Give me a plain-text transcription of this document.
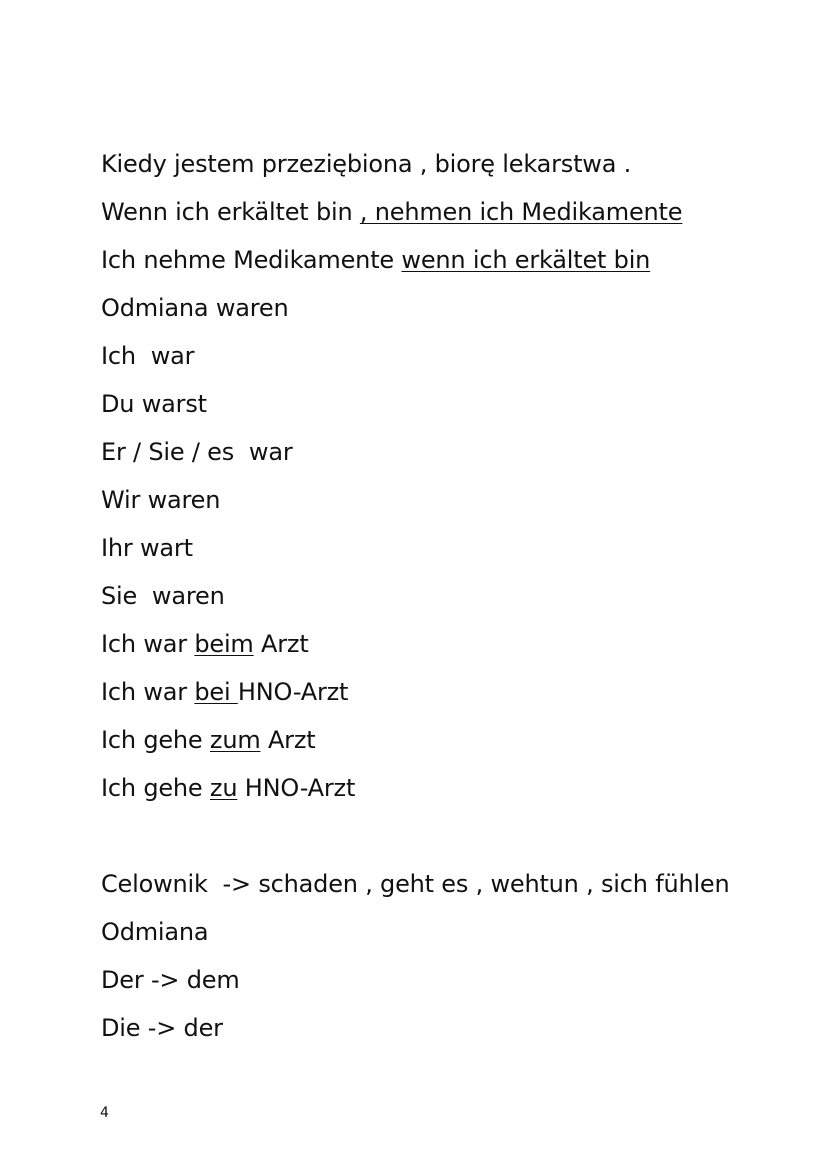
Kiedy jestem przeziębiona , biorę lekarstwa .
Wenn ich erkältet bin , nehmen ich Medikamente
Ich nehme Medikamente wenn ich erkältet bin
Odmiana waren
Ich  war
Du warst
Er / Sie / es  war
Wir waren
Ihr wart
Sie  waren
Ich war beim Arzt
Ich war bei HNO-Arzt
Ich gehe zum Arzt
Ich gehe zu HNO-Arzt
Celownik  -> schaden , geht es , wehtun , sich fühlen
Odmiana
Der -> dem
Die -> der
4
